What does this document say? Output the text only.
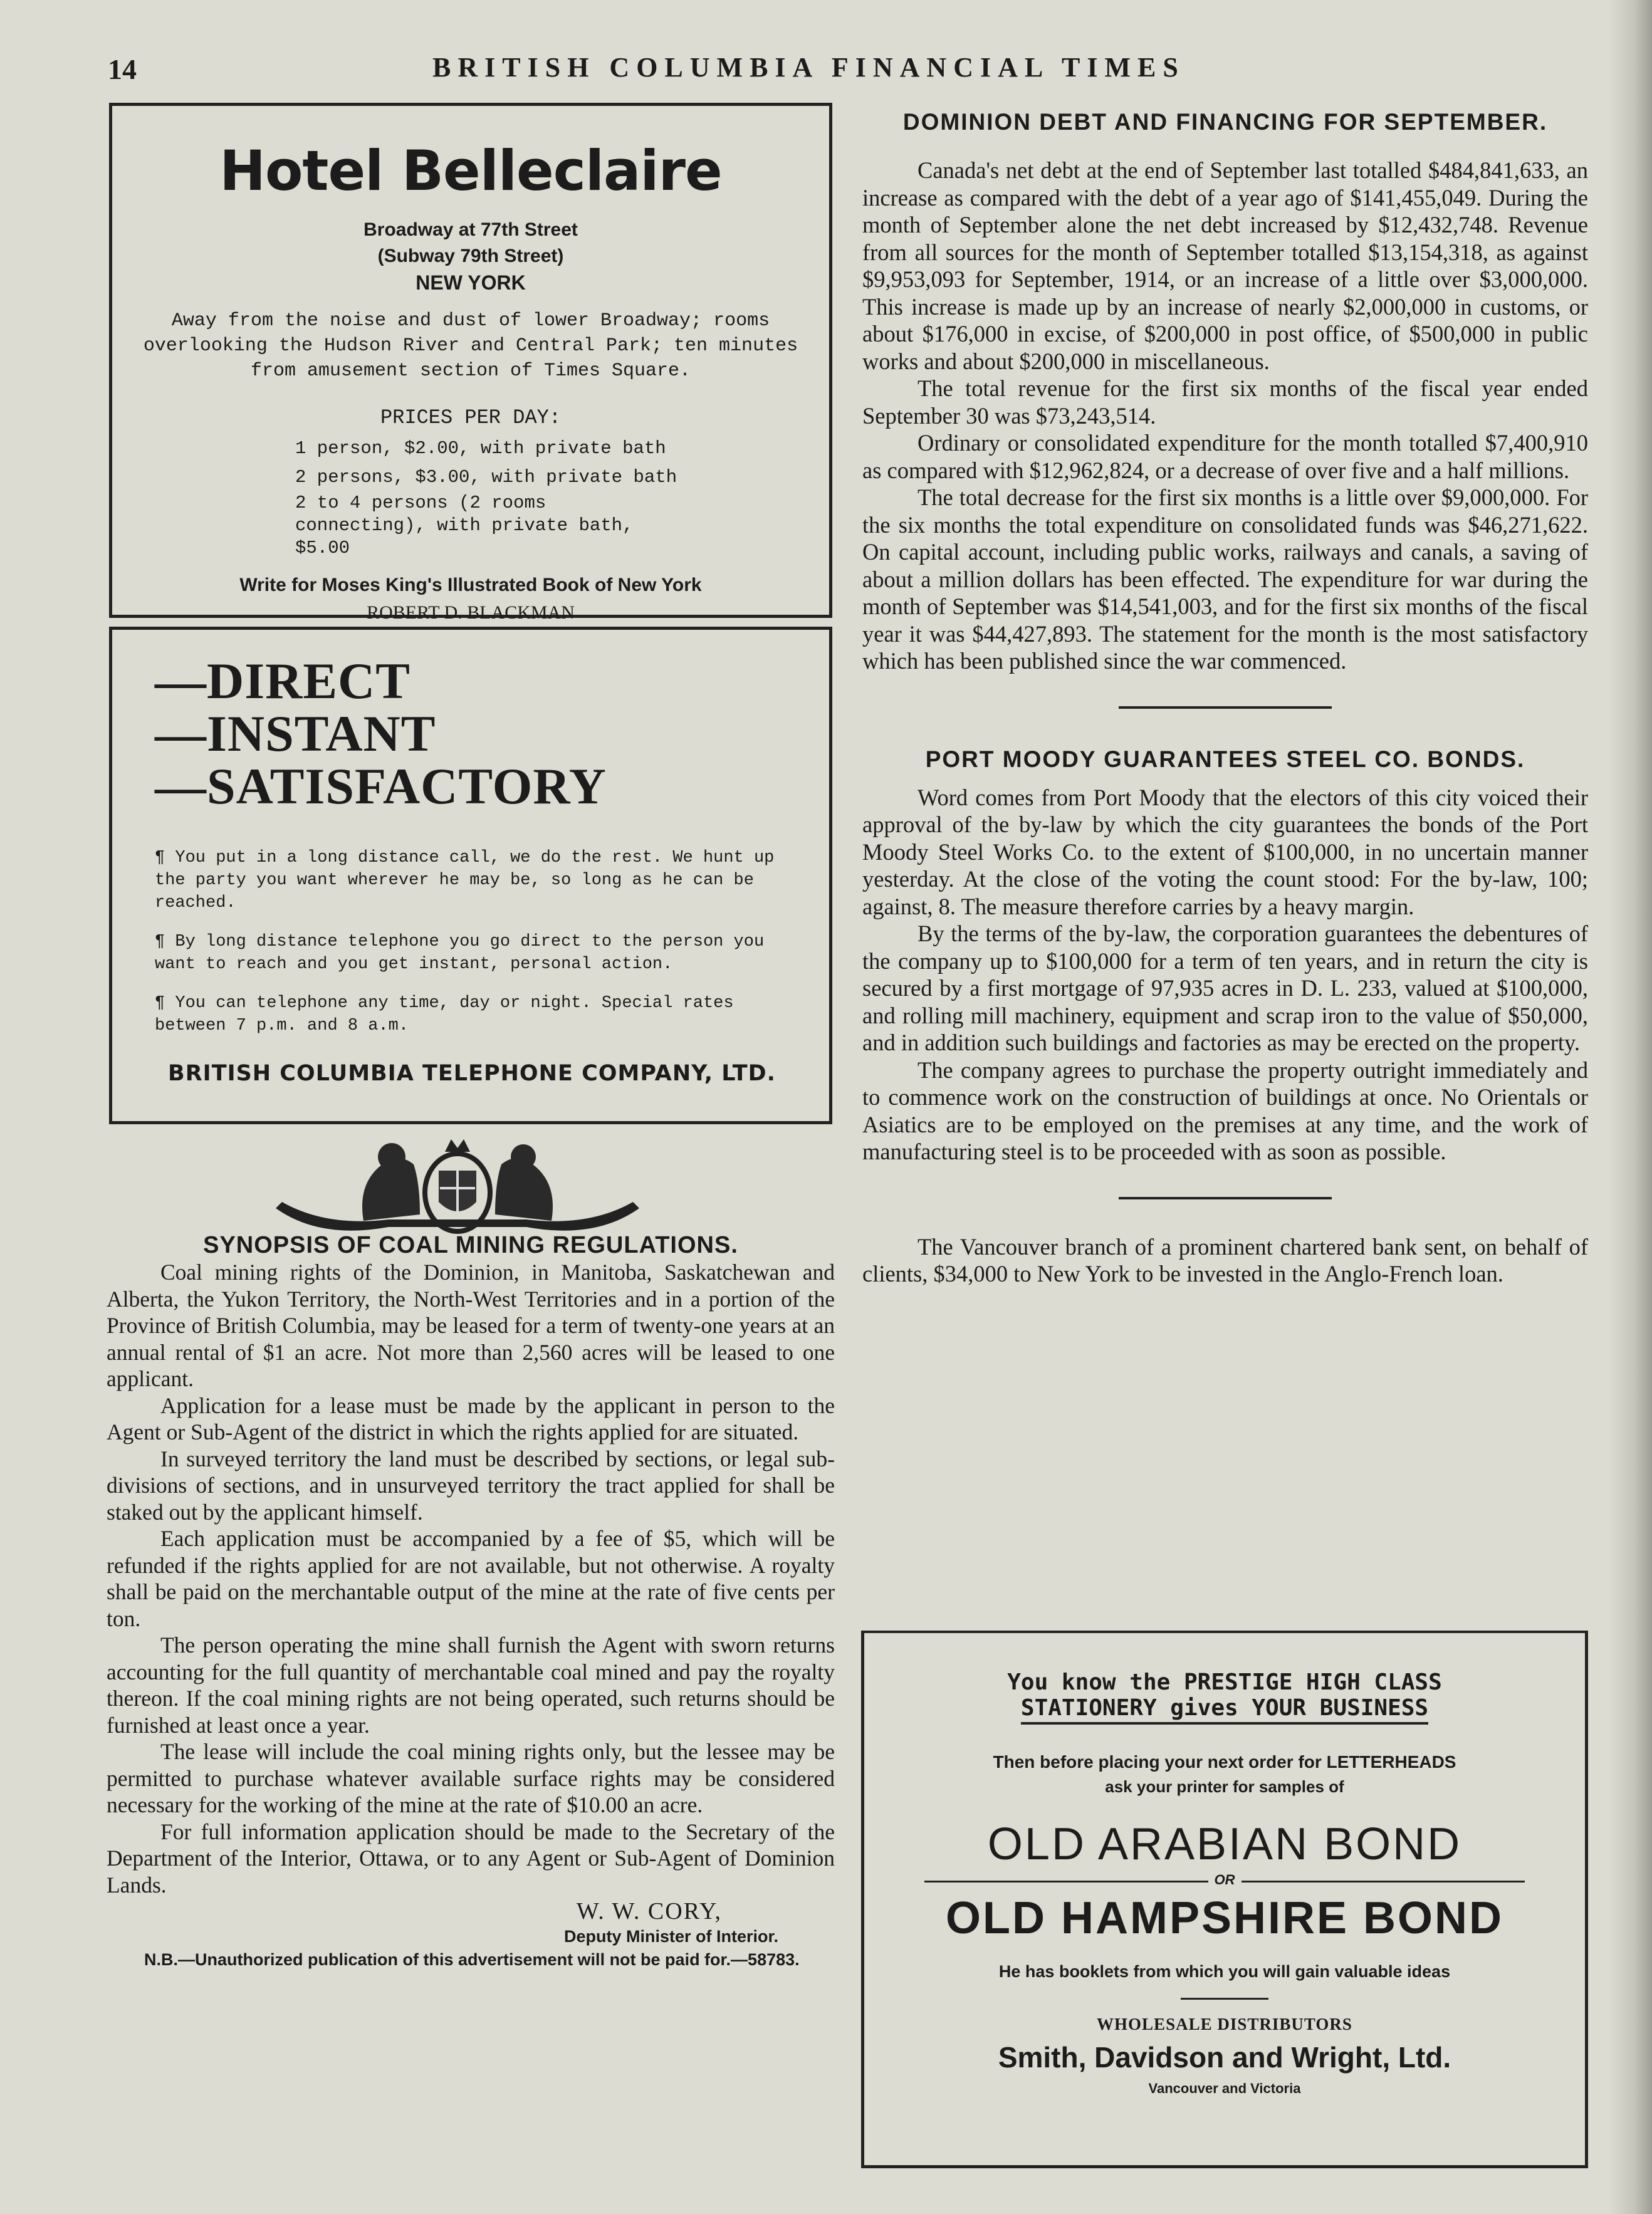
14	BRITISH COLUMBIA FINANCIAL TIMES
Hotel Belleclaire
Broadway at 77th Street
(Subway 79th Street)
NEW YORK
Away from the noise and dust of lower Broadway; rooms overlooking the Hudson River and Central Park; ten minutes from amusement section of Times Square.
PRICES PER DAY:
1 person, $2.00, with private bath
2 persons, $3.00, with private bath
2 to 4 persons (2 rooms connecting), with private bath, $5.00
Write for Moses King's Illustrated Book of New York
ROBERT D. BLACKMAN
—DIRECT
—INSTANT
—SATISFACTORY
¶ You put in a long distance call, we do the rest. We hunt up the party you want wherever he may be, so long as he can be reached.
¶ By long distance telephone you go direct to the person you want to reach and you get instant, personal action.
¶ You can telephone any time, day or night. Special rates between 7 p.m. and 8 a.m.
BRITISH COLUMBIA TELEPHONE COMPANY, LTD.
SYNOPSIS OF COAL MINING REGULATIONS.

Coal mining rights of the Dominion, in Manitoba, Saskatchewan and Alberta, the Yukon Territory, the North-West Territories and in a portion of the Province of British Columbia, may be leased for a term of twenty-one years at an annual rental of $1 an acre. Not more than 2,560 acres will be leased to one applicant.

Application for a lease must be made by the applicant in person to the Agent or Sub-Agent of the district in which the rights applied for are situated.

In surveyed territory the land must be described by sections, or legal sub-divisions of sections, and in unsurveyed territory the tract applied for shall be staked out by the applicant himself.

Each application must be accompanied by a fee of $5, which will be refunded if the rights applied for are not available, but not otherwise. A royalty shall be paid on the merchantable output of the mine at the rate of five cents per ton.

The person operating the mine shall furnish the Agent with sworn returns accounting for the full quantity of merchantable coal mined and pay the royalty thereon. If the coal mining rights are not being operated, such returns should be furnished at least once a year.

The lease will include the coal mining rights only, but the lessee may be permitted to purchase whatever available surface rights may be considered necessary for the working of the mine at the rate of $10.00 an acre.

For full information application should be made to the Secretary of the Department of the Interior, Ottawa, or to any Agent or Sub-Agent of Dominion Lands.

W. W. CORY,

Deputy Minister of Interior.

N.B.—Unauthorized publication of this advertisement will not be paid for.—58783.

DOMINION DEBT AND FINANCING FOR SEPTEMBER.

Canada's net debt at the end of September last totalled $484,841,633, an increase as compared with the debt of a year ago of $141,455,049. During the month of September alone the net debt increased by $12,432,748. Revenue from all sources for the month of September totalled $13,154,318, as against $9,953,093 for September, 1914, or an increase of a little over $3,000,000. This increase is made up by an increase of nearly $2,000,000 in customs, or about $176,000 in excise, of $200,000 in post office, of $500,000 in public works and about $200,000 in miscellaneous.

The total revenue for the first six months of the fiscal year ended September 30 was $73,243,514.

Ordinary or consolidated expenditure for the month totalled $7,400,910 as compared with $12,962,824, or a decrease of over five and a half millions.

The total decrease for the first six months is a little over $9,000,000. For the six months the total expenditure on consolidated funds was $46,271,622. On capital account, including public works, railways and canals, a saving of about a million dollars has been effected. The expenditure for war during the month of September was $14,541,003, and for the first six months of the fiscal year it was $44,427,893. The statement for the month is the most satisfactory which has been published since the war commenced.

PORT MOODY GUARANTEES STEEL CO. BONDS.

Word comes from Port Moody that the electors of this city voiced their approval of the by-law by which the city guarantees the bonds of the Port Moody Steel Works Co. to the extent of $100,000, in no uncertain manner yesterday. At the close of the voting the count stood: For the by-law, 100; against, 8. The measure therefore carries by a heavy margin.

By the terms of the by-law, the corporation guarantees the debentures of the company up to $100,000 for a term of ten years, and in return the city is secured by a first mortgage of 97,935 acres in D. L. 233, valued at $100,000, and rolling mill machinery, equipment and scrap iron to the value of $50,000, and in addition such buildings and factories as may be erected on the property.

The company agrees to purchase the property outright immediately and to commence work on the construction of buildings at once. No Orientals or Asiatics are to be employed on the premises at any time, and the work of manufacturing steel is to be proceeded with as soon as possible.

The Vancouver branch of a prominent chartered bank sent, on behalf of clients, $34,000 to New York to be invested in the Anglo-French loan.

You know the PRESTIGE HIGH CLASS
STATIONERY gives YOUR BUSINESS
Then before placing your next order for LETTERHEADS
ask your printer for samples of
OLD ARABIAN BOND
OR
OLD HAMPSHIRE BOND
He has booklets from which you will gain valuable ideas
WHOLESALE DISTRIBUTORS
Smith, Davidson and Wright, Ltd.
Vancouver and Victoria
